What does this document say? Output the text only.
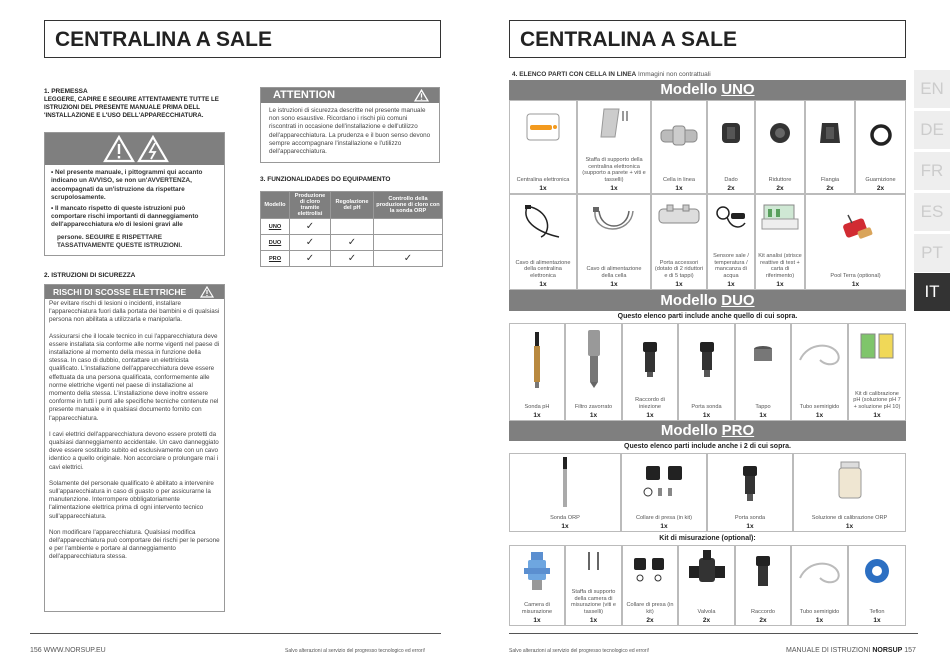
CENTRALINA A SALE
1. PREMESSA
LEGGERE, CAPIRE E SEGUIRE ATTENTAMENTE TUTTE LE ISTRUZIONI DEL PRESENTE MANUALE PRIMA DELL 'INSTALLAZIONE E L'USO DELL'APPARECCHIATURA.
• Nel presente manuale, i pittogrammi qui accanto indicano un AVVISO, se non un'AVVERTENZA, accompagnati da un'istruzione da rispettare scrupolosamente.
• Il mancato rispetto di queste istruzioni può comportare rischi importanti di danneggiamento dell'apparecchiatura e/o di lesioni gravi alle
persone. SEGUIRE E RISPETTARE TASSATIVAMENTE QUESTE ISTRUZIONI.
2. ISTRUZIONI DI SICUREZZA
RISCHI DI SCOSSE ELETTRICHE
Per evitare rischi di lesioni o incidenti, installare l'apparecchiatura fuori dalla portata dei bambini e di qualsiasi persona non abilitata a utilizzarla e manipolarla.
Assicurarsi che il locale tecnico in cui l'apparecchiatura deve essere installata sia conforme alle norme vigenti nel paese di installazione al momento della messa in funzione della stessa. In caso di dubbio, contattare un elettricista qualificato. L'installazione dell'apparecchiatura deve essere effettuata da una persona qualificata, conformemente alle norme elettriche vigenti nel paese di installazione al momento della stessa. L'installazione deve inoltre essere conforme in tutti i punti alle specifiche tecniche contenute nel presente manuale e in qualsiasi documento fornito con l'apparecchiatura.
I cavi elettrici dell'apparecchiatura devono essere protetti da qualsiasi danneggiamento accidentale. Un cavo danneggiato deve essere sostituito subito ed esclusivamente con un cavo identico a quello originale. Non accorciare o prolungare mai i cavi elettrici.
Solamente del personale qualificato è abilitato a intervenire sull'apparecchiatura in caso di guasto o per assicurarne la manutenzione. Interrompere obbligatoriamente l'alimentazione elettrica prima di ogni intervento tecnico sull'apparecchiatura.
Non modificare l'apparecchiatura. Qualsiasi modifica dell'apparecchiatura può comportare dei rischi per le persone e per l'ambiente e portare al danneggiamento dell'apparecchiatura stessa.
ATTENTION
Le istruzioni di sicurezza descritte nel presente manuale non sono esaustive. Ricordano i rischi più comuni riscontrati in occasione dell'installazione e dell'utilizzo dell'apparecchiatura. La prudenza e il buon senso devono sempre accompagnare l'installazione e l'utilizzo dell'apparecchiatura.
3. FUNZIONALIDADES DO EQUIPAMENTO
Modello	Produzione di cloro tramite elettrolisi	Regolazione del pH	Controllo della produzione di cloro con la sonda ORP
UNO	✓		
DUO	✓	✓	
PRO	✓	✓	✓
156 WWW.NORSUP.EU	Salvo alterazioni al servizio del progresso tecnologico ed errori!
CENTRALINA A SALE
4. ELENCO PARTI CON CELLA IN LINEA Immagini non contrattuali
Modello UNO
Centralina elettronica
1x
Staffa di supporto della centralina elettronica (supporto a parete + viti e tasselli)
1x
Cella in linea
1x
Dado
2x
Riduttore
2x
Flangia
2x
Guarnizione
2x
Cavo di alimentazione della centralina elettronica
1x
Cavo di alimentazione della cella
1x
Porta accessori (dotato di 2 riduttori e di 5 tappi)
1x
Sensore sale / temperatura / mancanza di acqua
1x
Kit analisi (strisce reattive di test + carta di riferimento)
1x
Pool Terra (optional)
1x
Modello DUO
Questo elenco parti include anche quello di cui sopra.
Sonda pH
1x
Filtro zavorrato
1x
Raccordo di iniezione
1x
Porta sonda
1x
Tappo
1x
Tubo semirigido
1x
Kit di calibrazione pH (soluzione pH 7 + soluzione pH 10)
1x
Modello PRO
Questo elenco parti include anche i 2 di cui sopra.
Sonda ORP
1x
Collare di presa (in kit)
1x
Porta sonda
1x
Soluzione di calibrazione ORP
1x
Kit di misurazione (optional):
Camera di misurazione
1x
Staffa di supporto della camera di misurazione (viti e tasselli)
1x
Collare di presa (in kit)
2x
Valvola
2x
Raccordo
2x
Tubo semirigido
1x
Teflon
1x
EN
DE
FR
ES
PT
IT
Salvo alterazioni al servizio del progresso tecnologico ed errori!	MANUALE DI ISTRUZIONI NORSUP 157
